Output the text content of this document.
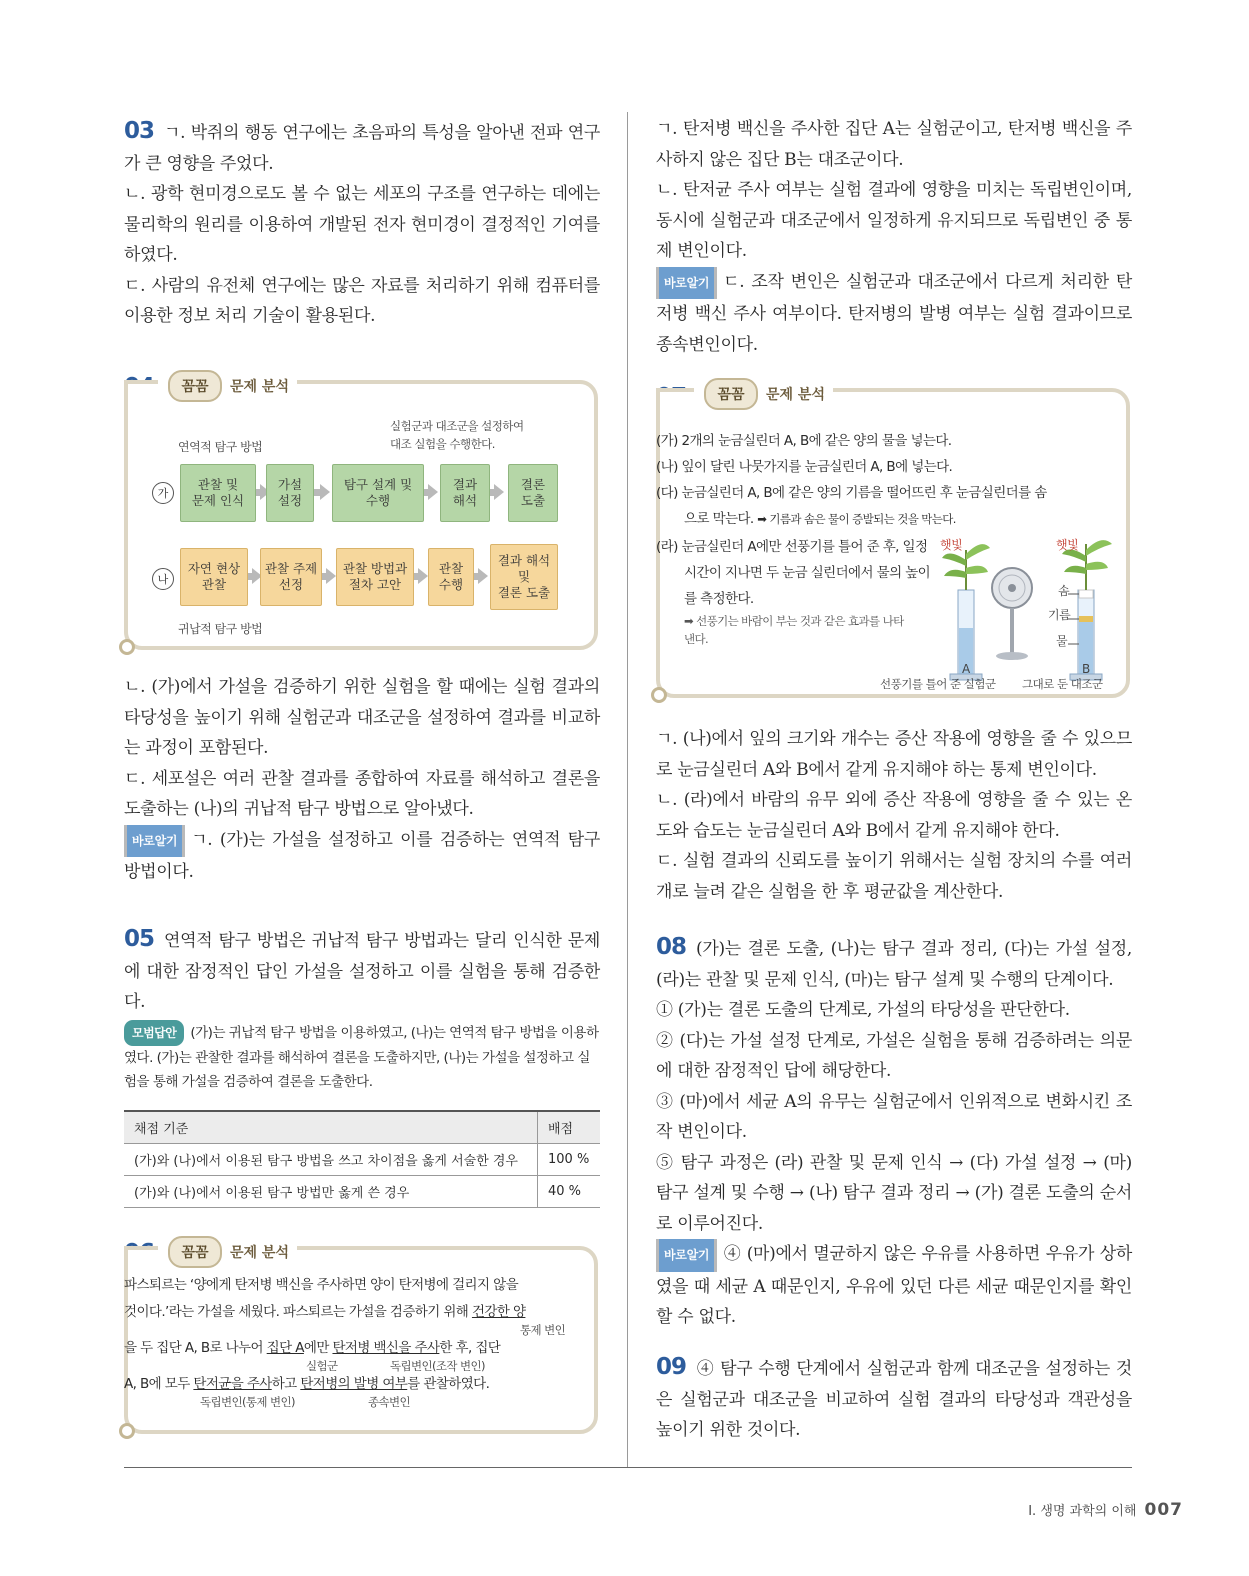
03 ㄱ. 박쥐의 행동 연구에는 초음파의 특성을 알아낸 전파 연구가 큰 영향을 주었다.

ㄴ. 광학 현미경으로도 볼 수 없는 세포의 구조를 연구하는 데에는 물리학의 원리를 이용하여 개발된 전자 현미경이 결정적인 기여를 하였다.

ㄷ. 사람의 유전체 연구에는 많은 자료를 처리하기 위해 컴퓨터를 이용한 정보 처리 기술이 활용된다.

꼼꼼	문제 분석
연역적 탐구 방법
실험군과 대조군을 설정하여
대조 실험을 수행한다.
가
관찰 및
문제 인식
가설
설정
탐구 설계 및
수행
결과
해석
결론
도출
나
자연 현상
관찰
관찰 주제
선정
관찰 방법과
절차 고안
관찰
수행
결과 해석
및
결론 도출
귀납적 탐구 방법

ㄴ. (가)에서 가설을 검증하기 위한 실험을 할 때에는 실험 결과의 타당성을 높이기 위해 실험군과 대조군을 설정하여 결과를 비교하는 과정이 포함된다.

ㄷ. 세포설은 여러 관찰 결과를 종합하여 자료를 해석하고 결론을 도출하는 (나)의 귀납적 탐구 방법으로 알아냈다.

바로알기 ㄱ. (가)는 가설을 설정하고 이를 검증하는 연역적 탐구 방법이다.

05 연역적 탐구 방법은 귀납적 탐구 방법과는 달리 인식한 문제에 대한 잠정적인 답인 가설을 설정하고 이를 실험을 통해 검증한다.

모범답안 (가)는 귀납적 탐구 방법을 이용하였고, (나)는 연역적 탐구 방법을 이용하였다. (가)는 관찰한 결과를 해석하여 결론을 도출하지만, (나)는 가설을 설정하고 실험을 통해 가설을 검증하여 결론을 도출한다.

채점 기준	배점
(가)와 (나)에서 이용된 탐구 방법을 쓰고 차이점을 옳게 서술한 경우	100 %
(가)와 (나)에서 이용된 탐구 방법만 옳게 쓴 경우	40 %
꼼꼼	문제 분석
파스퇴르는 ‘양에게 탄저병 백신을 주사하면 양이 탄저병에 걸리지 않을
것이다.’라는 가설을 세웠다. 파스퇴르는 가설을 검증하기 위해 건강한 양
통제 변인
을 두 집단 A, B로 나누어 집단 A에만 탄저병 백신을 주사한 후, 집단
실험군	독립변인(조작 변인)
A, B에 모두 탄저균을 주사하고 탄저병의 발병 여부를 관찰하였다.
독립변인(통제 변인)	종속변인

ㄱ. 탄저병 백신을 주사한 집단 A는 실험군이고, 탄저병 백신을 주사하지 않은 집단 B는 대조군이다.

ㄴ. 탄저균 주사 여부는 실험 결과에 영향을 미치는 독립변인이며, 동시에 실험군과 대조군에서 일정하게 유지되므로 독립변인 중 통제 변인이다.

바로알기 ㄷ. 조작 변인은 실험군과 대조군에서 다르게 처리한 탄저병 백신 주사 여부이다. 탄저병의 발병 여부는 실험 결과이므로 종속변인이다.

꼼꼼	문제 분석
(가) 2개의 눈금실린더 A, B에 같은 양의 물을 넣는다.
(나) 잎이 달린 나뭇가지를 눈금실린더 A, B에 넣는다.
(다) 눈금실린더 A, B에 같은 양의 기름을 떨어뜨린 후 눈금실린더를 솜
으로 막는다. ➡ 기름과 솜은 물이 증발되는 것을 막는다.
(라) 눈금실린더 A에만 선풍기를 틀어 준 후, 일정 시간이 지나면 두 눈금 실린더에서 물의 높이를 측정한다.
➡ 선풍기는 바람이 부는 것과 같은 효과를 나타낸다.
햇빛	햇빛
솜
기름
물
A	B
선풍기를 틀어 준 실험군 그대로 둔 대조군

ㄱ. (나)에서 잎의 크기와 개수는 증산 작용에 영향을 줄 수 있으므로 눈금실린더 A와 B에서 같게 유지해야 하는 통제 변인이다.

ㄴ. (라)에서 바람의 유무 외에 증산 작용에 영향을 줄 수 있는 온도와 습도는 눈금실린더 A와 B에서 같게 유지해야 한다.

ㄷ. 실험 결과의 신뢰도를 높이기 위해서는 실험 장치의 수를 여러 개로 늘려 같은 실험을 한 후 평균값을 계산한다.

08 (가)는 결론 도출, (나)는 탐구 결과 정리, (다)는 가설 설정, (라)는 관찰 및 문제 인식, (마)는 탐구 설계 및 수행의 단계이다.

① (가)는 결론 도출의 단계로, 가설의 타당성을 판단한다.

② (다)는 가설 설정 단계로, 가설은 실험을 통해 검증하려는 의문에 대한 잠정적인 답에 해당한다.

③ (마)에서 세균 A의 유무는 실험군에서 인위적으로 변화시킨 조작 변인이다.

⑤ 탐구 과정은 (라) 관찰 및 문제 인식 → (다) 가설 설정 → (마) 탐구 설계 및 수행 → (나) 탐구 결과 정리 → (가) 결론 도출의 순서로 이루어진다.

바로알기 ④ (마)에서 멸균하지 않은 우유를 사용하면 우유가 상하였을 때 세균 A 때문인지, 우유에 있던 다른 세균 때문인지를 확인할 수 없다.

09 ④ 탐구 수행 단계에서 실험군과 함께 대조군을 설정하는 것은 실험군과 대조군을 비교하여 실험 결과의 타당성과 객관성을 높이기 위한 것이다.

Ⅰ. 생명 과학의 이해 007
